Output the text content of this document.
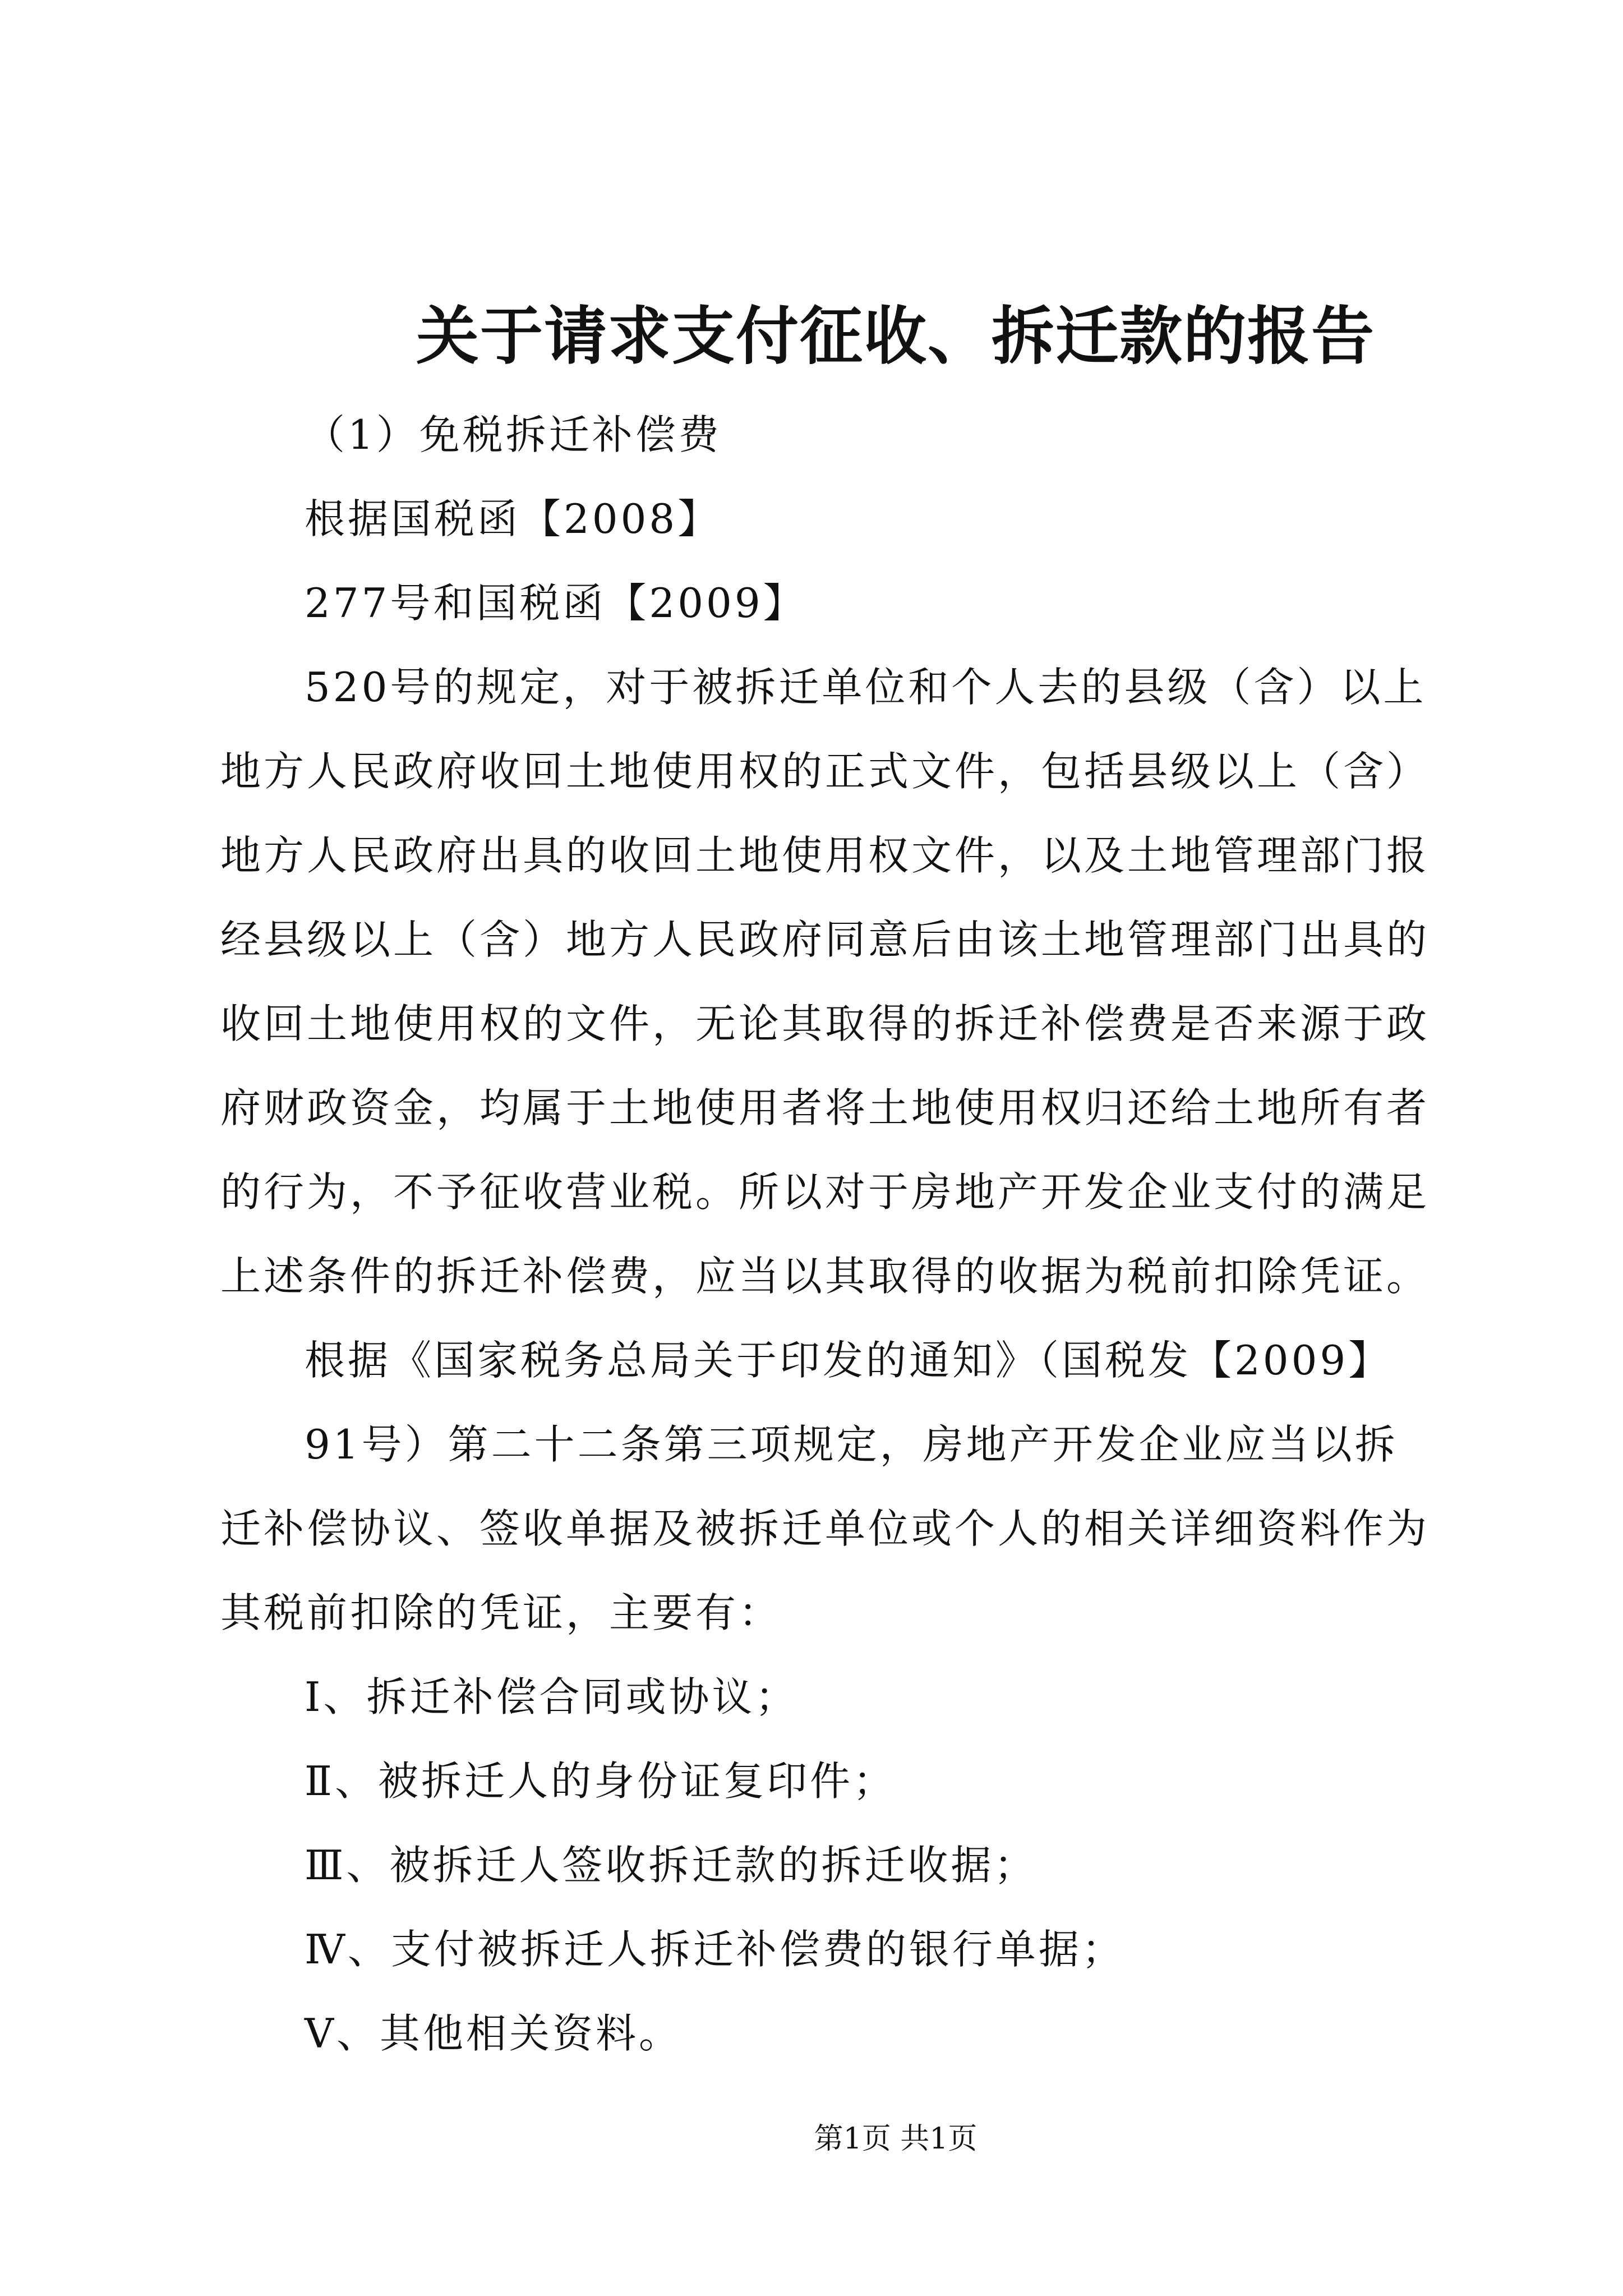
关于请求支付征收、拆迁款的报告
（1）免税拆迁补偿费
根据国税函【2008】
277号和国税函【2009】
520号的规定，对于被拆迁单位和个人去的县级（含）以上
地方人民政府收回土地使用权的正式文件，包括县级以上（含）
地方人民政府出具的收回土地使用权文件，以及土地管理部门报
经县级以上（含）地方人民政府同意后由该土地管理部门出具的
收回土地使用权的文件，无论其取得的拆迁补偿费是否来源于政
府财政资金，均属于土地使用者将土地使用权归还给土地所有者
的行为，不予征收营业税。所以对于房地产开发企业支付的满足
上述条件的拆迁补偿费，应当以其取得的收据为税前扣除凭证。
根据《国家税务总局关于印发的通知》（国税发【2009】
91号）第二十二条第三项规定，房地产开发企业应当以拆
迁补偿协议、签收单据及被拆迁单位或个人的相关详细资料作为
其税前扣除的凭证，主要有：
Ⅰ、拆迁补偿合同或协议；
Ⅱ、被拆迁人的身份证复印件；
Ⅲ、被拆迁人签收拆迁款的拆迁收据；
Ⅳ、支付被拆迁人拆迁补偿费的银行单据；
Ⅴ、其他相关资料。
第1页 共1页
